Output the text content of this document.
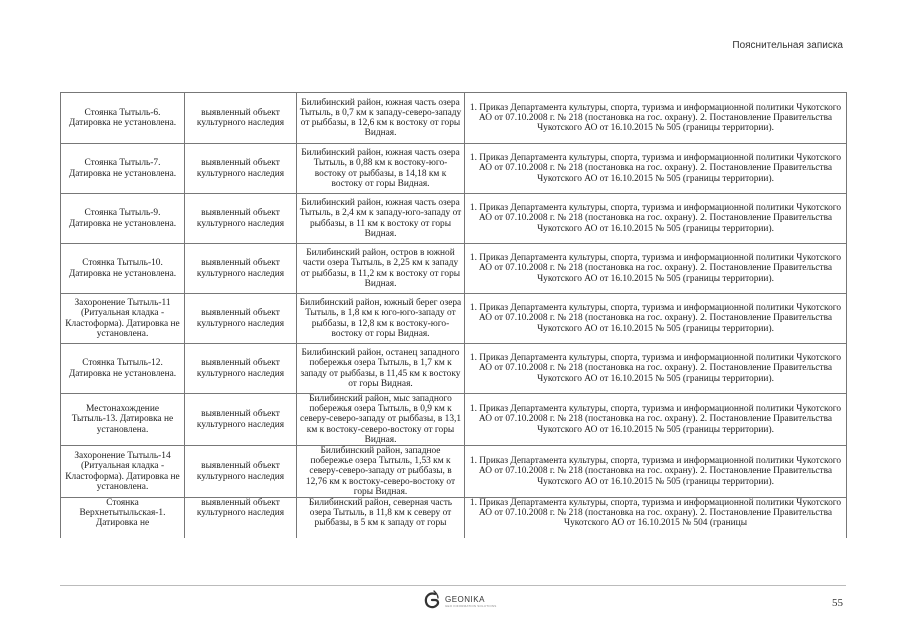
Пояснительная записка
Стоянка Тытыль-6. Датировка не установлена.	выявленный объект культурного наследия	Билибинский район, южная часть озера Тытыль, в 0,7 км к западу-северо-западу от рыббазы, в 12,6 км к востоку от горы Видная.	1. Приказ Департамента культуры, спорта, туризма и информационной политики Чукотского АО от 07.10.2008 г. № 218 (постановка на гос. охрану). 2. Постановление Правительства Чукотского АО от 16.10.2015 № 505 (границы территории).
Стоянка Тытыль-7. Датировка не установлена.	выявленный объект культурного наследия	Билибинский район, южная часть озера Тытыль, в 0,88 км к востоку-юго-востоку от рыббазы, в 14,18 км к востоку от горы Видная.	1. Приказ Департамента культуры, спорта, туризма и информационной политики Чукотского АО от 07.10.2008 г. № 218 (постановка на гос. охрану). 2. Постановление Правительства Чукотского АО от 16.10.2015 № 505 (границы территории).
Стоянка Тытыль-9. Датировка не установлена.	выявленный объект культурного наследия	Билибинский район, южная часть озера Тытыль, в 2,4 км к западу-юго-западу от рыббазы, в 11 км к востоку от горы Видная.	1. Приказ Департамента культуры, спорта, туризма и информационной политики Чукотского АО от 07.10.2008 г. № 218 (постановка на гос. охрану). 2. Постановление Правительства Чукотского АО от 16.10.2015 № 505 (границы территории).
Стоянка Тытыль-10. Датировка не установлена.	выявленный объект культурного наследия	Билибинский район, остров в южной части озера Тытыль, в 2,25 км к западу от рыббазы, в 11,2 км к востоку от горы Видная.	1. Приказ Департамента культуры, спорта, туризма и информационной политики Чукотского АО от 07.10.2008 г. № 218 (постановка на гос. охрану). 2. Постановление Правительства Чукотского АО от 16.10.2015 № 505 (границы территории).
Захоронение Тытыль-11 (Ритуальная кладка - Кластоформа). Датировка не установлена.	выявленный объект культурного наследия	Билибинский район, южный берег озера Тытыль, в 1,8 км к юго-юго-западу от рыббазы, в 12,8 км к востоку-юго-востоку от горы Видная.	1. Приказ Департамента культуры, спорта, туризма и информационной политики Чукотского АО от 07.10.2008 г. № 218 (постановка на гос. охрану). 2. Постановление Правительства Чукотского АО от 16.10.2015 № 505 (границы территории).
Стоянка Тытыль-12. Датировка не установлена.	выявленный объект культурного наследия	Билибинский район, останец западного побережья озера Тытыль, в 1,7 км к западу от рыббазы, в 11,45 км к востоку от горы Видная.	1. Приказ Департамента культуры, спорта, туризма и информационной политики Чукотского АО от 07.10.2008 г. № 218 (постановка на гос. охрану). 2. Постановление Правительства Чукотского АО от 16.10.2015 № 505 (границы территории).
Местонахождение Тытыль-13. Датировка не установлена.	выявленный объект культурного наследия	Билибинский район, мыс западного побережья озера Тытыль, в 0,9 км к северу-северо-западу от рыббазы, в 13,1 км к востоку-северо-востоку от горы Видная.	1. Приказ Департамента культуры, спорта, туризма и информационной политики Чукотского АО от 07.10.2008 г. № 218 (постановка на гос. охрану). 2. Постановление Правительства Чукотского АО от 16.10.2015 № 505 (границы территории).
Захоронение Тытыль-14 (Ритуальная кладка - Кластоформа). Датировка не установлена.	выявленный объект культурного наследия	Билибинский район, западное побережье озера Тытыль, 1,53 км к северу-северо-западу от рыббазы, в 12,76 км к востоку-северо-востоку от горы Видная.	1. Приказ Департамента культуры, спорта, туризма и информационной политики Чукотского АО от 07.10.2008 г. № 218 (постановка на гос. охрану). 2. Постановление Правительства Чукотского АО от 16.10.2015 № 505 (границы территории).
Стоянка Верхнетытыльская-1. Датировка не	выявленный объект культурного наследия	Билибинский район, северная часть озера Тытыль, в 11,8 км к северу от рыббазы, в 5 км к западу от горы	1. Приказ Департамента культуры, спорта, туризма и информационной политики Чукотского АО от 07.10.2008 г. № 218 (постановка на гос. охрану). 2. Постановление Правительства Чукотского АО от 16.10.2015 № 504 (границы
GEONIKA
GEO INFORMATION SOLUTIONS	55
